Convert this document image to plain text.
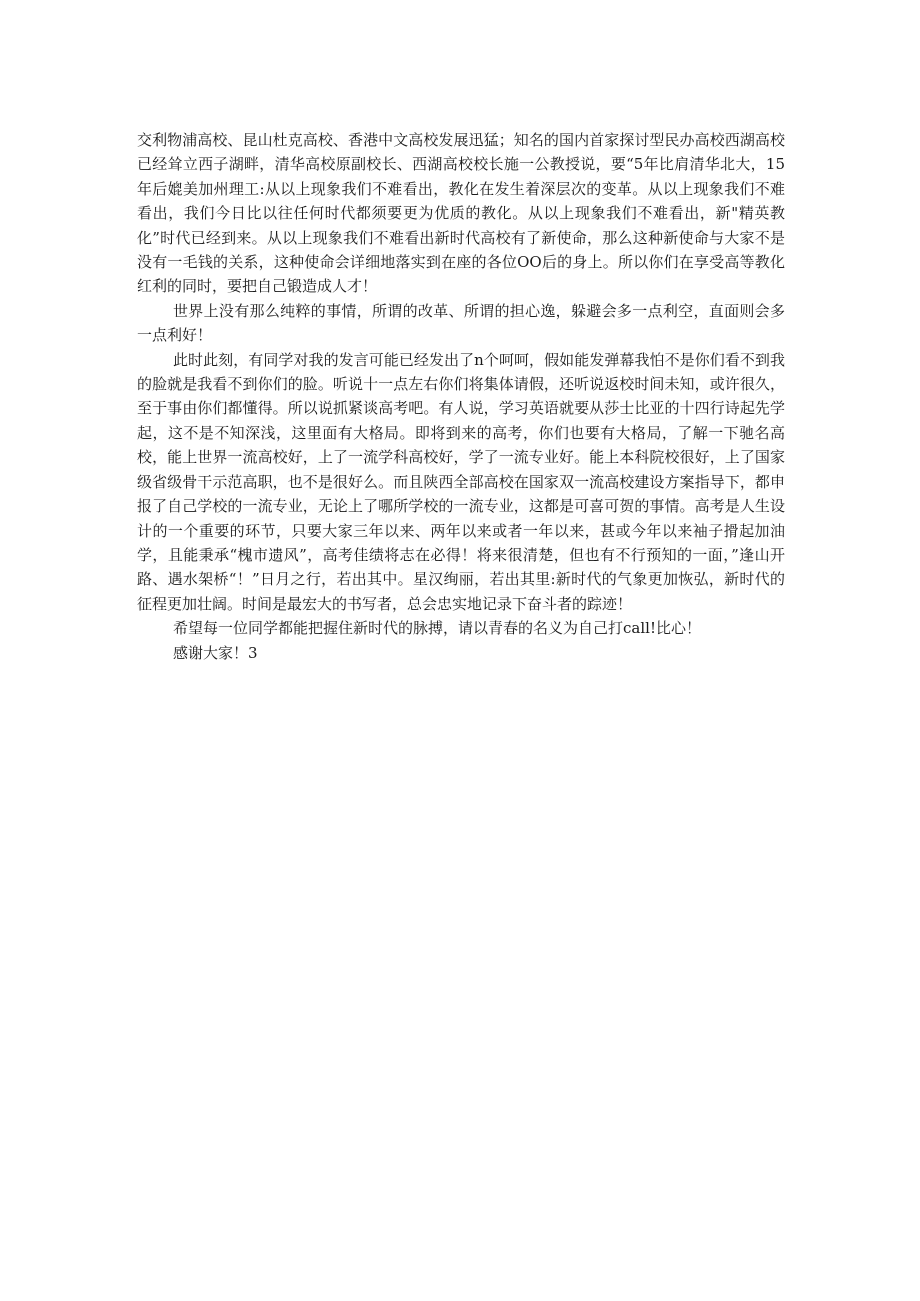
交利物浦高校、昆山杜克高校、香港中文高校发展迅猛；知名的国内首家探讨型民办高校西湖高校已经耸立西子湖畔，清华高校原副校长、西湖高校校长施一公教授说，要“5年比肩清华北大，15年后媲美加州理工:从以上现象我们不难看出，教化在发生着深层次的变革。从以上现象我们不难看出，我们今日比以往任何时代都须要更为优质的教化。从以上现象我们不难看出，新"精英教化”时代已经到来。从以上现象我们不难看出新时代高校有了新使命，那么这种新使命与大家不是没有一毛钱的关系，这种使命会详细地落实到在座的各位OO后的身上。所以你们在享受高等教化红利的同时，要把自己锻造成人才！

世界上没有那么纯粹的事情，所谓的改革、所谓的担心逸，躲避会多一点利空，直面则会多一点利好！

此时此刻，有同学对我的发言可能已经发出了n个呵呵，假如能发弹幕我怕不是你们看不到我的脸就是我看不到你们的脸。听说十一点左右你们将集体请假，还听说返校时间未知，或许很久，至于事由你们都懂得。所以说抓紧谈高考吧。有人说，学习英语就要从莎士比亚的十四行诗起先学起，这不是不知深浅，这里面有大格局。即将到来的高考，你们也要有大格局，了解一下驰名高校，能上世界一流高校好，上了一流学科高校好，学了一流专业好。能上本科院校很好，上了国家级省级骨干示范高职，也不是很好么。而且陕西全部高校在国家双一流高校建设方案指导下，都申报了自己学校的一流专业，无论上了哪所学校的一流专业，这都是可喜可贺的事情。高考是人生设计的一个重要的环节，只要大家三年以来、两年以来或者一年以来，甚或今年以来袖子搰起加油学，且能秉承“槐市遗风”，高考佳绩将志在必得！将来很清楚，但也有不行预知的一面，”逢山开路、遇水架桥“！”日月之行，若出其中。星汉绚丽，若出其里:新时代的气象更加恢弘，新时代的征程更加壮阔。时间是最宏大的书写者，总会忠实地记录下奋斗者的踪迹！

希望每一位同学都能把握住新时代的脉搏，请以青春的名义为自己打call!比心！

感谢大家！3
